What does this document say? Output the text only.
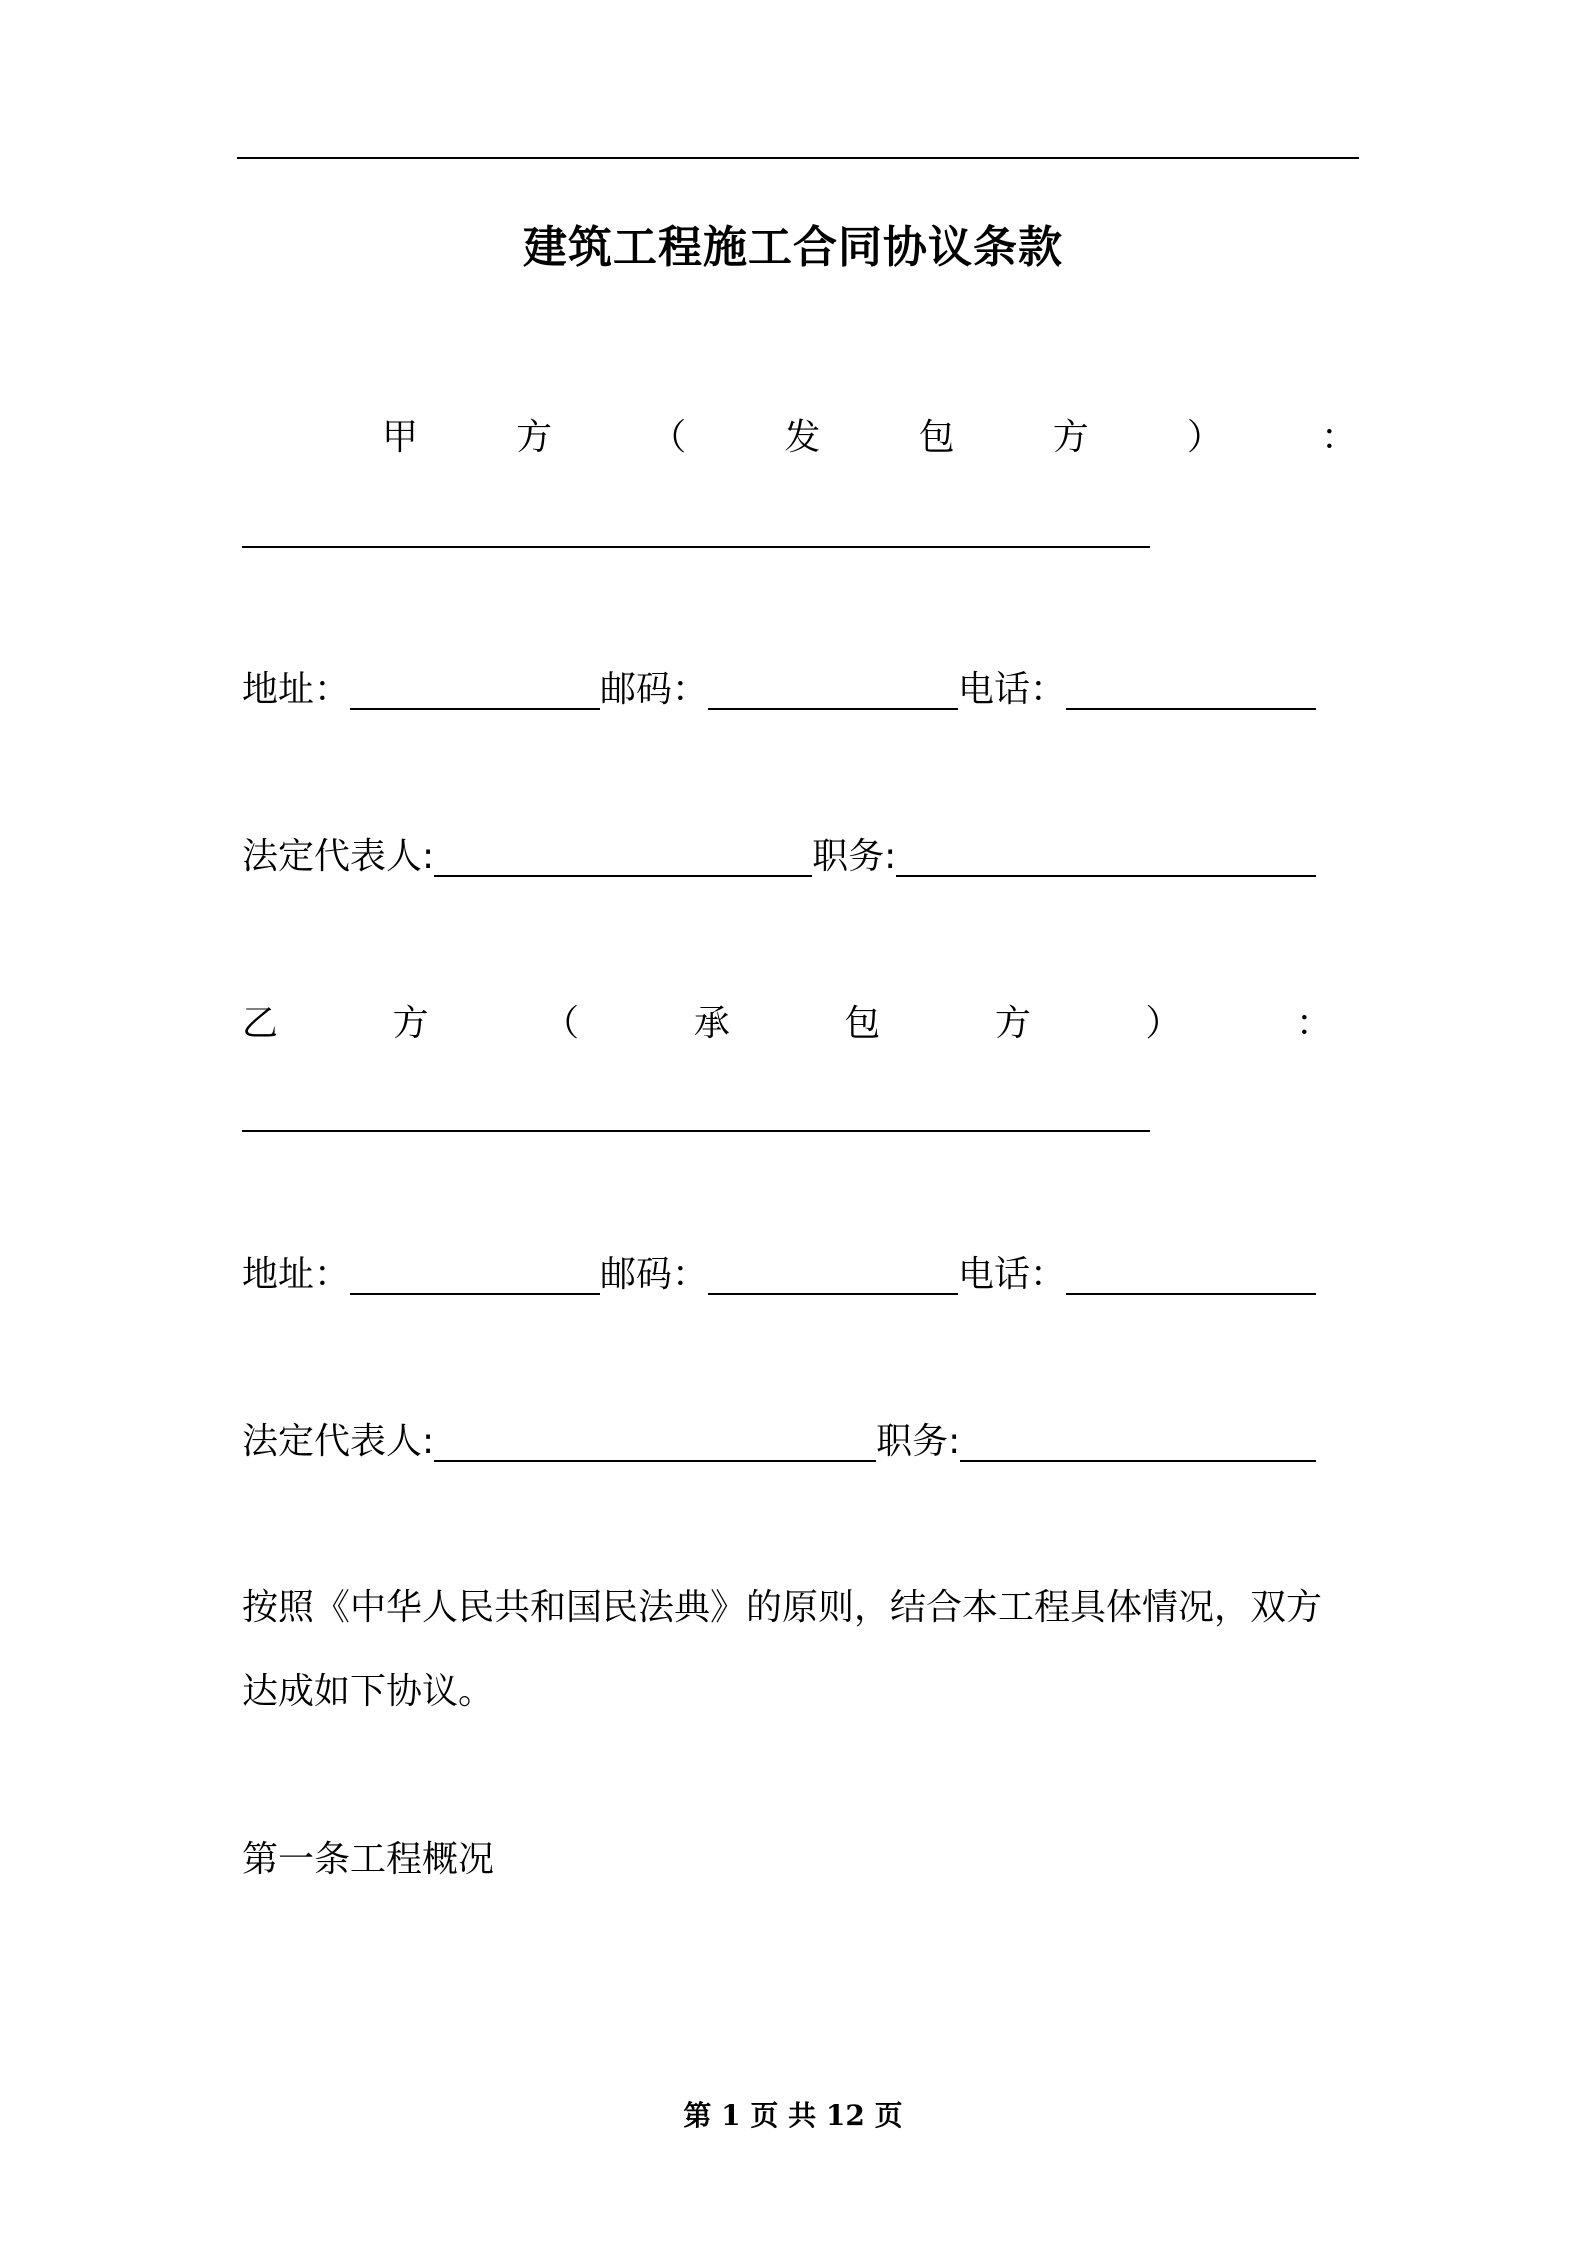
建筑工程施工合同协议条款
甲	方	（	发	包	方	）	：
地址：	邮码：	电话：
法定代表人:	职务:
乙	方	（	承	包	方	）	：
地址：	邮码：	电话：
法定代表人:	职务:
按照《中华人民共和国民法典》的原则，结合本工程具体情况，双方
达成如下协议。
第一条工程概况
第 1 页 共 12 页
